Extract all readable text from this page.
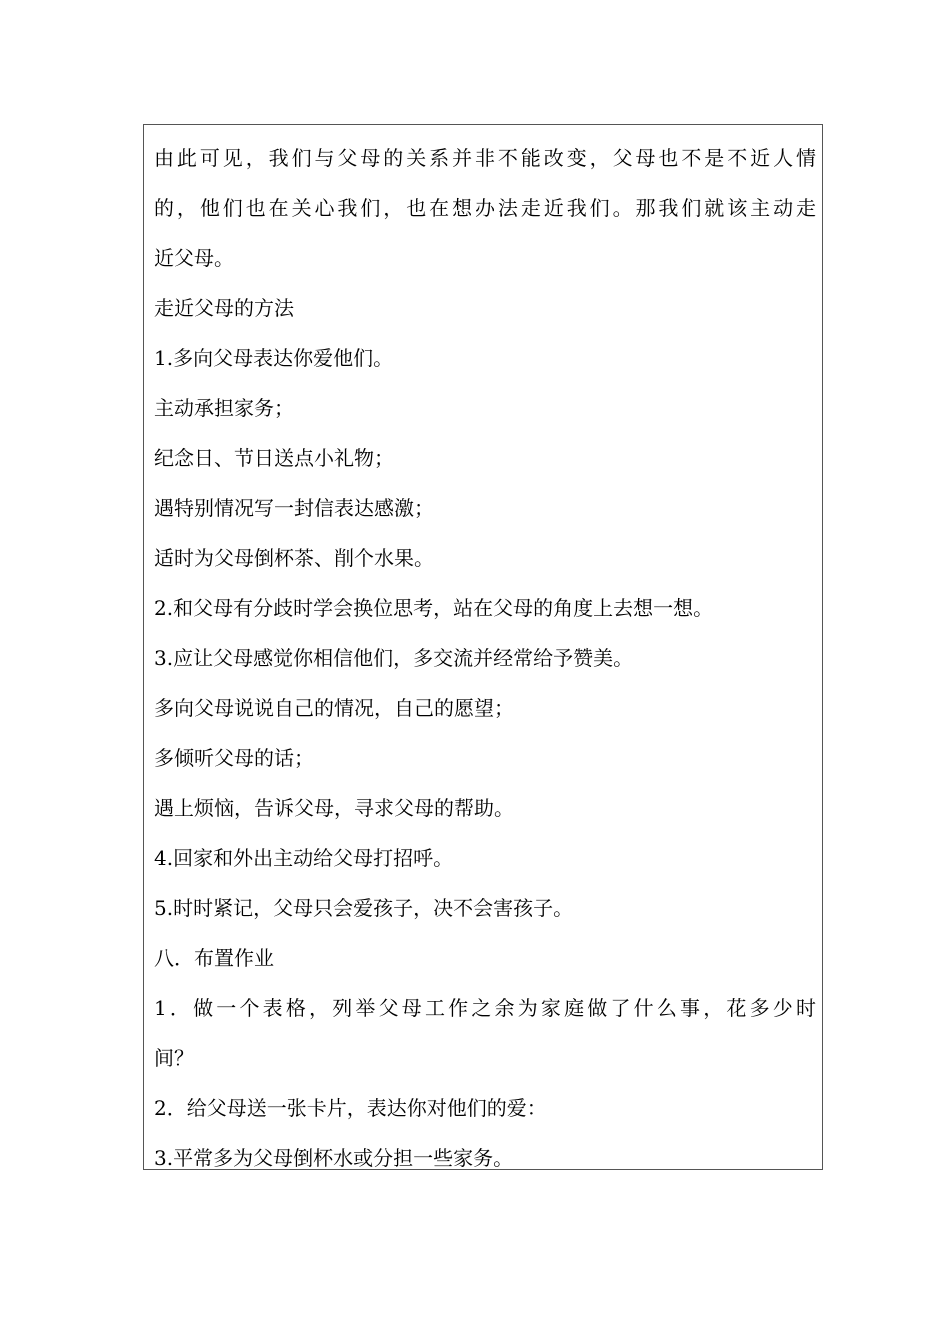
由此可见，我们与父母的关系并非不能改变，父母也不是不近人情
的，他们也在关心我们，也在想办法走近我们。那我们就该主动走
近父母。
走近父母的方法
1.多向父母表达你爱他们。
主动承担家务；
纪念日、节日送点小礼物；
遇特别情况写一封信表达感激；
适时为父母倒杯茶、削个水果。
2.和父母有分歧时学会换位思考，站在父母的角度上去想一想。
3.应让父母感觉你相信他们，多交流并经常给予赞美。
多向父母说说自己的情况，自己的愿望；
多倾听父母的话；
遇上烦恼，告诉父母，寻求父母的帮助。
4.回家和外出主动给父母打招呼。
5.时时紧记，父母只会爱孩子，决不会害孩子。
八．布置作业
1．做一个表格，列举父母工作之余为家庭做了什么事，花多少时
间？
2．给父母送一张卡片，表达你对他们的爱：
3.平常多为父母倒杯水或分担一些家务。
